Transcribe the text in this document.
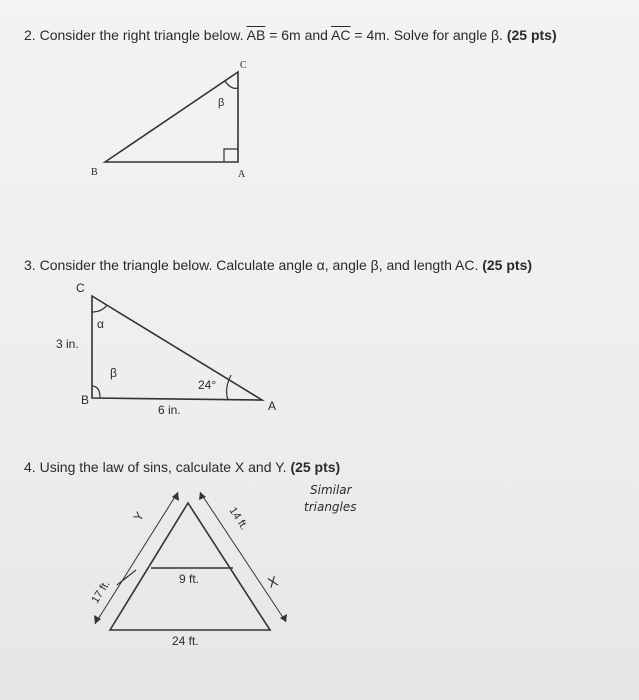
2. Consider the right triangle below. $\overline{AB} = 6m$ and $\overline{AC} = 4m$. Solve for angle β. (25 pts)
3. Consider the triangle below. Calculate angle α, angle β, and length AC. (25 pts)
4. Using the law of sins, calculate X and Y. (25 pts)
C
B	A
β
C
B	A
α
β
3 in.
6 in.
24°
Y
17 ft.
14 ft.
X
9 ft.
24 ft.
Similar
triangles
